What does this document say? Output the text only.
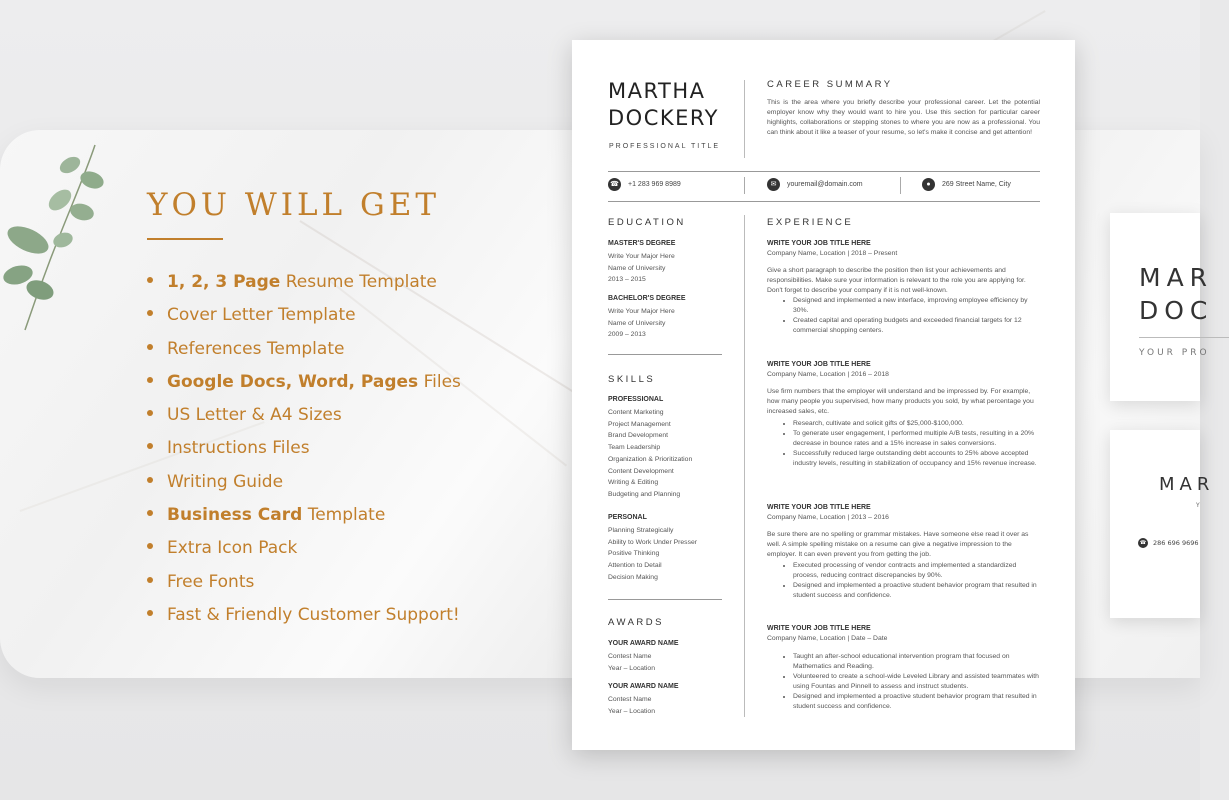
YOU WILL GET
1, 2, 3 Page Resume Template
Cover Letter Template
References Template
Google Docs, Word, Pages Files
US Letter & A4 Sizes
Instructions Files
Writing Guide
Business Card Template
Extra Icon Pack
Free Fonts
Fast & Friendly Customer Support!
MAR
DOC
YOUR PRO
MAR
Y
☎ 286 696 9696
MARTHA
DOCKERY
PROFESSIONAL TITLE
CAREER SUMMARY
This is the area where you briefly describe your professional career. Let the potential employer know why they would want to hire you. Use this section for particular career highlights, collaborations or stepping stones to where you are now as a professional. You can think about it like a teaser of your resume, so let's make it concise and get attention!
☎	+1 283 969 8989	✉	youremail@domain.com	●	269 Street Name, City
EDUCATION
MASTER'S DEGREE
Write Your Major Here
Name of University
2013 – 2015
BACHELOR'S DEGREE
Write Your Major Here
Name of University
2009 – 2013
SKILLS
PROFESSIONAL
Content Marketing
Project Management
Brand Development
Team Leadership
Organization & Prioritization
Content Development
Writing & Editing
Budgeting and Planning
PERSONAL
Planning Strategically
Ability to Work Under Presser
Positive Thinking
Attention to Detail
Decision Making
AWARDS
YOUR AWARD NAME
Contest Name
Year – Location
YOUR AWARD NAME
Contest Name
Year – Location
EXPERIENCE
WRITE YOUR JOB TITLE HERE
Company Name, Location | 2018 – Present
Give a short paragraph to describe the position then list your achievements and responsibilities. Make sure your information is relevant to the role you are applying for. Don't forget to describe your company if it is not well-known.
• Designed and implemented a new interface, improving employee efficiency by 30%.
• Created capital and operating budgets and exceeded financial targets for 12 commercial shopping centers.
WRITE YOUR JOB TITLE HERE
Company Name, Location | 2016 – 2018
Use firm numbers that the employer will understand and be impressed by. For example, how many people you supervised, how many products you sold, by what percentage you increased sales, etc.
• Research, cultivate and solicit gifts of $25,000-$100,000.
• To generate user engagement, I performed multiple A/B tests, resulting in a 20% decrease in bounce rates and a 15% increase in sales conversions.
• Successfully reduced large outstanding debt accounts to 25% above accepted industry levels, resulting in stabilization of occupancy and 15% revenue increase.
WRITE YOUR JOB TITLE HERE
Company Name, Location | 2013 – 2016
Be sure there are no spelling or grammar mistakes. Have someone else read it over as well. A simple spelling mistake on a resume can give a negative impression to the employer. It can even prevent you from getting the job.
• Executed processing of vendor contracts and implemented a standardized process, reducing contract discrepancies by 90%.
• Designed and implemented a proactive student behavior program that resulted in student success and confidence.
WRITE YOUR JOB TITLE HERE
Company Name, Location | Date – Date
• Taught an after-school educational intervention program that focused on Mathematics and Reading.
• Volunteered to create a school-wide Leveled Library and assisted teammates with using Fountas and Pinnell to assess and instruct students.
• Designed and implemented a proactive student behavior program that resulted in student success and confidence.
